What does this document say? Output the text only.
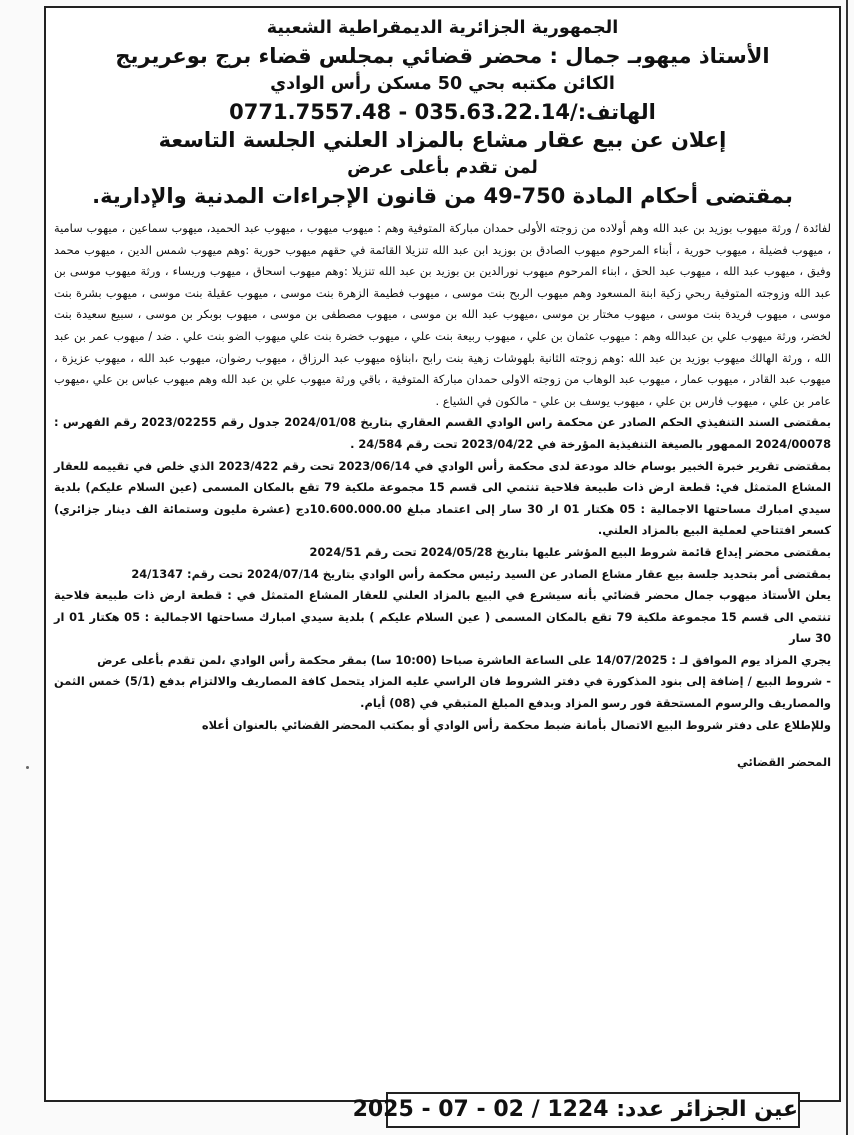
الجمهورية الجزائرية الديمقراطية الشعبية
الأستاذ ميهوبـ جمال : محضر قضائي بمجلس قضاء برج بوعريريج
الكائن مكتبه بحي 50 مسكن رأس الوادي
الهاتف:/035.63.22.14 - 0771.7557.48
إعلان عن بيع عقار مشاع بالمزاد العلني الجلسة التاسعة
لمن تقدم بأعلى عرض
بمقتضى أحكام المادة 750-49 من قانون الإجراءات المدنية والإدارية.

لفائدة / ورثة ميهوب بوزيد بن عبد الله وهم أولاده من زوجته الأولى حمدان مباركة المتوفية وهم : ميهوب ميهوب ، ميهوب عبد الحميد، ميهوب سماعين ، ميهوب سامية ، ميهوب فضيلة ، ميهوب حورية ، أبناء المرحوم ميهوب الصادق بن بوزيد ابن عبد الله تنزيلا القائمة في حقهم ميهوب حورية :وهم ميهوب شمس الدين ، ميهوب محمد وفيق ، ميهوب عبد الله ، ميهوب عبد الحق ، ابناء المرحوم ميهوب نورالدين بن بوزيد بن عبد الله تنزيلا :وهم ميهوب اسحاق ، ميهوب وريساء ، ورثة ميهوب موسى بن عبد الله وزوجته المتوفية ربحي زكية ابنة المسعود وهم ميهوب الربح بنت موسى ، ميهوب فطيمة الزهرة بنت موسى ، ميهوب عقيلة بنت موسى ، ميهوب بشرة بنت موسى ، ميهوب فريدة بنت موسى ، ميهوب مختار بن موسى ،ميهوب عبد الله بن موسى ، ميهوب مصطفى بن موسى ، ميهوب بوبكر بن موسى ، سبيع سعيدة بنت لخضر، ورثة ميهوب علي بن عبدالله وهم : ميهوب عثمان بن علي ، ميهوب ربيعة بنت علي ، ميهوب خضرة بنت علي ميهوب الضو بنت علي . ضد / ميهوب عمر بن عبد الله ، ورثة الهالك ميهوب بوزيد بن عبد الله :وهم زوجته الثانية بلهوشات زهية بنت رابح ،ابناؤه ميهوب عبد الرزاق ، ميهوب رضوان، ميهوب عبد الله ، ميهوب عزيزة ، ميهوب عبد القادر ، ميهوب عمار ، ميهوب عبد الوهاب من زوجته الاولى حمدان مباركة المتوفية ، باقي ورثة ميهوب علي بن عبد الله وهم ميهوب عباس بن علي ،ميهوب عامر بن علي ، ميهوب فارس بن علي ، ميهوب يوسف بن علي - مالكون في الشياع .

بمقتضى السند التنفيذي الحكم الصادر عن محكمة راس الوادي القسم العقاري بتاريخ 2024/01/08 جدول رقم 2023/02255 رقم الفهرس : 2024/00078 الممهور بالصيغة التنفيذية المؤرخة في 2023/04/22 تحت رقم 24/584 .

بمقتضى تقرير خبرة الخبير بوسام خالد مودعة لدى محكمة رأس الوادي في 2023/06/14 تحت رقم 2023/422 الذي خلص في تقييمه للعقار المشاع المتمثل في: قطعة ارض ذات طبيعة فلاحية تنتمي الى قسم 15 مجموعة ملكية 79 تقع بالمكان المسمى (عين السلام عليكم) بلدية سيدي امبارك مساحتها الاجمالية : 05 هكتار 01 ار 30 سار إلى اعتماد مبلغ 10.600.000.00دج (عشرة مليون وستمائة الف دينار جزائري) كسعر افتتاحي لعملية البيع بالمزاد العلني.

بمقتضى محضر إيداع قائمة شروط البيع المؤشر عليها بتاريخ 2024/05/28 تحت رقم 2024/51

بمقتضى أمر بتحديد جلسة بيع عقار مشاع الصادر عن السيد رئيس محكمة رأس الوادي بتاريخ 2024/07/14 تحت رقم: 24/1347

يعلن الأستاذ ميهوب جمال محضر قضائي بأنه سيشرع في البيع بالمزاد العلني للعقار المشاع المتمثل في : قطعة ارض ذات طبيعة فلاحية تنتمي الى قسم 15 مجموعة ملكية 79 تقع بالمكان المسمى ( عين السلام عليكم ) بلدية سيدي امبارك مساحتها الاجمالية : 05 هكتار 01 ار 30 سار

يجري المزاد يوم الموافق لـ : 14/07/2025 على الساعة العاشرة صباحا (10:00 سا) بمقر محكمة رأس الوادي ،لمن تقدم بأعلى عرض

- شروط البيع / إضافة إلى بنود المذكورة في دفتر الشروط فان الراسي عليه المزاد يتحمل كافة المصاريف والالتزام بدفع (5/1) خمس الثمن والمصاريف والرسوم المستحقة فور رسو المزاد وبدفع المبلغ المتبقي في (08) أيام.

وللإطلاع على دفتر شروط البيع الاتصال بأمانة ضبط محكمة رأس الوادي أو بمكتب المحضر القضائي بالعنوان أعلاه

المحضر القضائي
عين الجزائر عدد: 1224 / 02 - 07 - 2025
